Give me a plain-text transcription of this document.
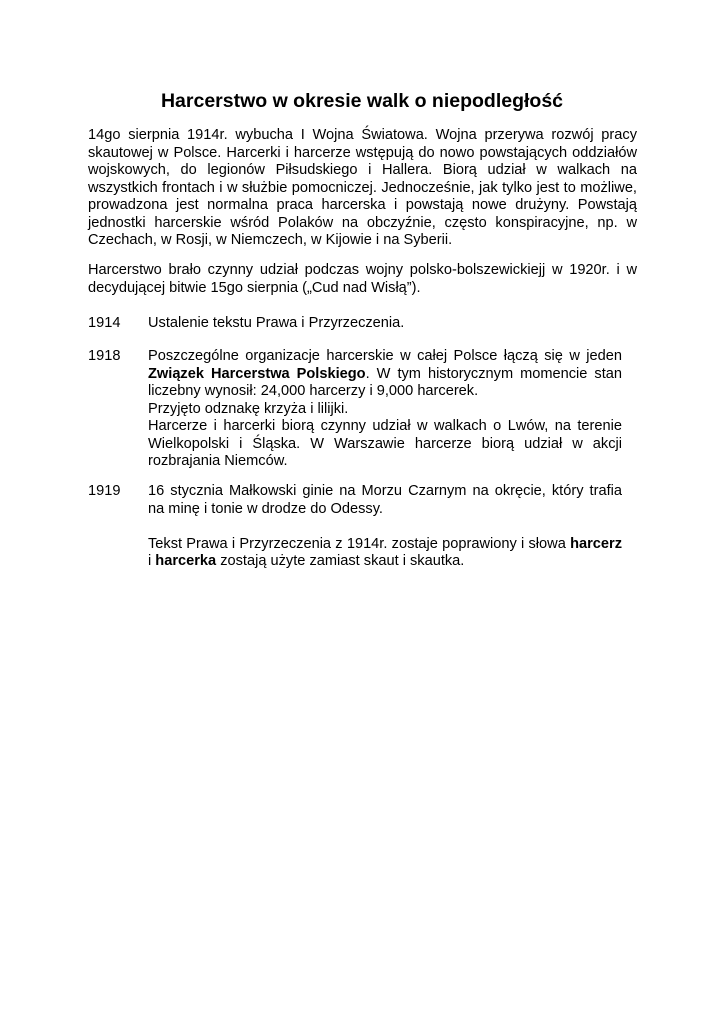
Harcerstwo w okresie walk o niepodległość

14go sierpnia 1914r. wybucha I Wojna Światowa. Wojna przerywa rozwój pracy skautowej w Polsce. Harcerki i harcerze wstępują do nowo powstających oddziałów wojskowych, do legionów Piłsudskiego i Hallera. Biorą udział w walkach na wszystkich frontach i w służbie pomocniczej. Jednocześnie, jak tylko jest to możliwe, prowadzona jest normalna praca harcerska i powstają nowe drużyny. Powstają jednostki harcerskie wśród Polaków na obczyźnie, często konspiracyjne, np. w Czechach, w Rosji, w Niemczech, w Kijowie i na Syberii.

Harcerstwo brało czynny udział podczas wojny polsko-bolszewickiejj w 1920r. i w decydującej bitwie 15go sierpnia („Cud nad Wisłą”).

1914	Ustalenie tekstu Prawa i Przyrzeczenia.

1918	Poszczególne organizacje harcerskie w całej Polsce łączą się w jeden Związek Harcerstwa Polskiego. W tym historycznym momencie stan liczebny wynosił: 24,000 harcerzy i 9,000 harcerek.

Przyjęto odznakę krzyża i lilijki.

Harcerze i harcerki biorą czynny udział w walkach o Lwów, na terenie Wielkopolski i Śląska. W Warszawie harcerze biorą udział w akcji rozbrajania Niemców.

1919	16 stycznia Małkowski ginie na Morzu Czarnym na okręcie, który trafia na minę i tonie w drodze do Odessy.

Tekst Prawa i Przyrzeczenia z 1914r. zostaje poprawiony i słowa harcerz i harcerka zostają użyte zamiast skaut i skautka.
